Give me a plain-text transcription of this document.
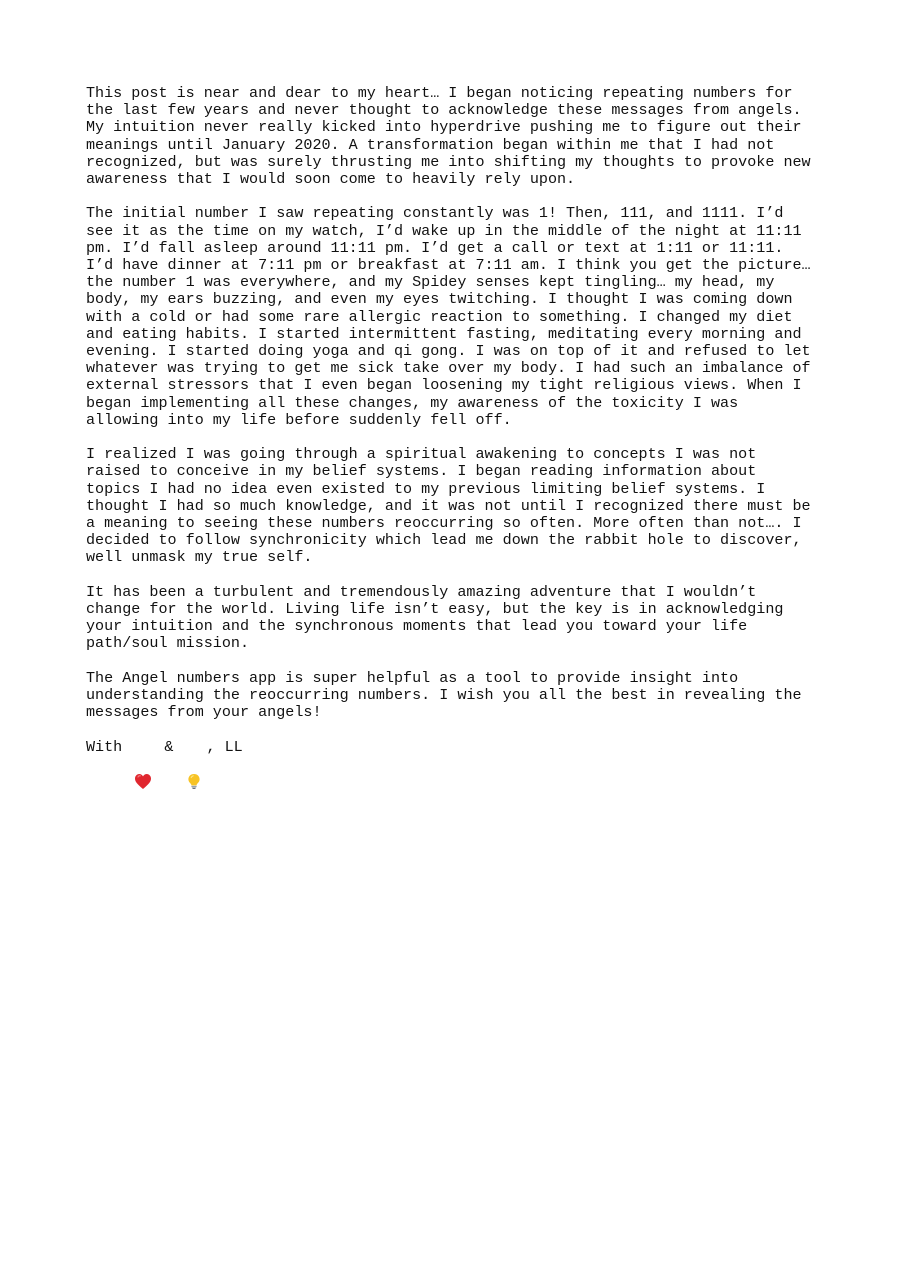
This post is near and dear to my heart… I began noticing repeating numbers for
the last few years and never thought to acknowledge these messages from angels.
My intuition never really kicked into hyperdrive pushing me to figure out their
meanings until January 2020. A transformation began within me that I had not
recognized, but was surely thrusting me into shifting my thoughts to provoke new
awareness that I would soon come to heavily rely upon.

The initial number I saw repeating constantly was 1! Then, 111, and 1111. I’d
see it as the time on my watch, I’d wake up in the middle of the night at 11:11
pm. I’d fall asleep around 11:11 pm. I’d get a call or text at 1:11 or 11:11.
I’d have dinner at 7:11 pm or breakfast at 7:11 am. I think you get the picture…
the number 1 was everywhere, and my Spidey senses kept tingling… my head, my
body, my ears buzzing, and even my eyes twitching. I thought I was coming down
with a cold or had some rare allergic reaction to something. I changed my diet
and eating habits. I started intermittent fasting, meditating every morning and
evening. I started doing yoga and qi gong. I was on top of it and refused to let
whatever was trying to get me sick take over my body. I had such an imbalance of
external stressors that I even began loosening my tight religious views. When I
began implementing all these changes, my awareness of the toxicity I was
allowing into my life before suddenly fell off.

I realized I was going through a spiritual awakening to concepts I was not
raised to conceive in my belief systems. I began reading information about
topics I had no idea even existed to my previous limiting belief systems. I
thought I had so much knowledge, and it was not until I recognized there must be
a meaning to seeing these numbers reoccurring so often. More often than not…. I
decided to follow synchronicity which lead me down the rabbit hole to discover,
well unmask my true self.

It has been a turbulent and tremendously amazing adventure that I wouldn’t
change for the world. Living life isn’t easy, but the key is in acknowledging
your intuition and the synchronous moments that lead you toward your life
path/soul mission.

The Angel numbers app is super helpful as a tool to provide insight into
understanding the reoccurring numbers. I wish you all the best in revealing the
messages from your angels!

With

&

, LL
